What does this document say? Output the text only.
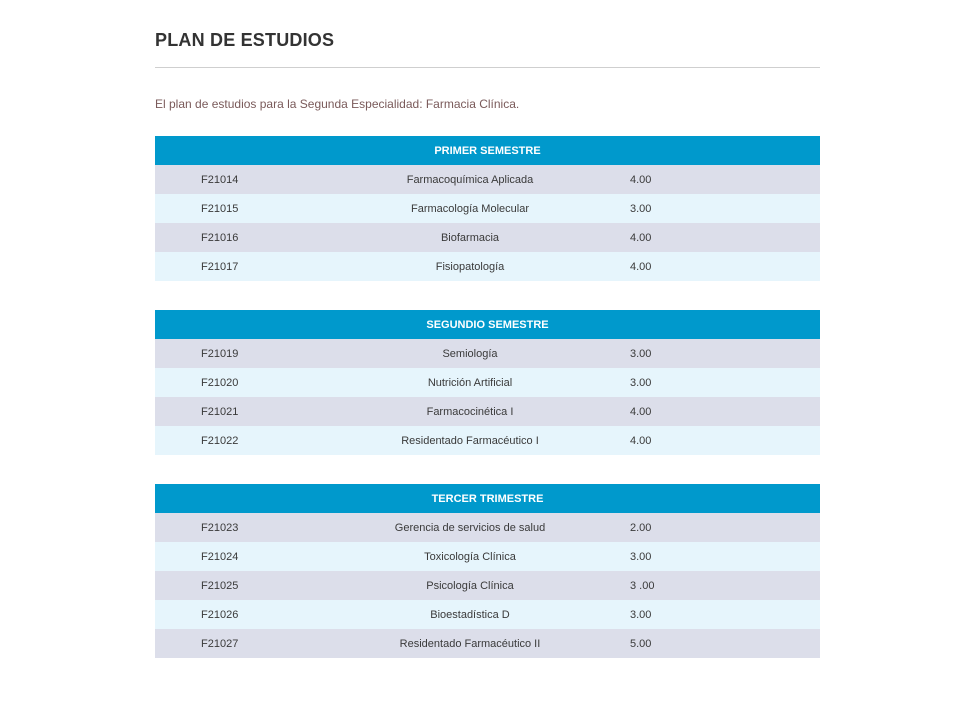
PLAN DE ESTUDIOS
El plan de estudios para la Segunda Especialidad: Farmacia Clínica.
PRIMER SEMESTRE		
F21014	Farmacoquímica Aplicada	4.00
F21015	Farmacología Molecular	3.00
F21016	Biofarmacia	4.00
F21017	Fisiopatología	4.00
SEGUNDIO SEMESTRE		
F21019	Semiología	3.00
F21020	Nutrición Artificial	3.00
F21021	Farmacocinética I	4.00
F21022	Residentado Farmacéutico I	4.00
TERCER TRIMESTRE		
F21023	Gerencia de servicios de salud	2.00
F21024	Toxicología Clínica	3.00
F21025	Psicología Clínica	3 .00
F21026	Bioestadística D	3.00
F21027	Residentado Farmacéutico II	5.00
